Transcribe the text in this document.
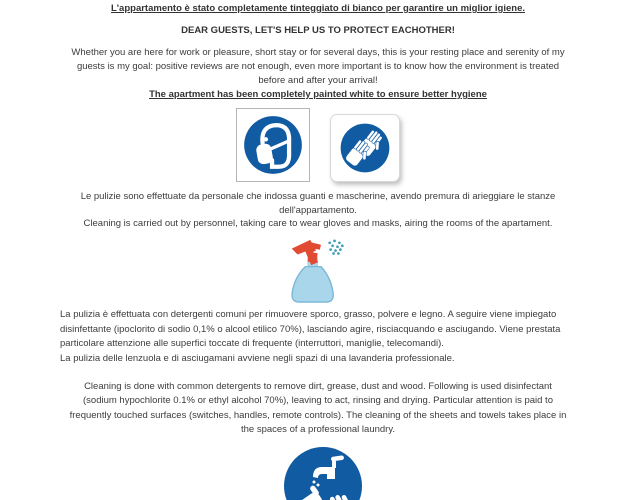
L'appartamento è stato completamente tinteggiato di bianco per garantire un miglior igiene.
DEAR GUESTS, LET'S HELP US TO PROTECT EACHOTHER!
Whether you are here for work or pleasure, short stay or for several days, this is your resting place and serenity of my
guests is my goal: positive reviews are not enough, even more important is to know how the environment is treated
before and after your arrival!
The apartment has been completely painted white to ensure better hygiene
Le pulizie sono effettuate da personale che indossa guanti e mascherine, avendo premura di arieggiare le stanze
dell'appartamento.
Cleaning is carried out by personnel, taking care to wear gloves and masks, airing the rooms of the apartament.
La pulizia è effettuata con detergenti comuni per rimuovere sporco, grasso, polvere e legno. A seguire viene impiegato
disinfettante (ipoclorito di sodio 0,1% o alcool etilico 70%), lasciando agire, risciacquando e asciugando. Viene prestata
particolare attenzione alle superfici toccate di frequente (interruttori, maniglie, telecomandi).
La pulizia delle lenzuola e di asciugamani avviene negli spazi di una lavanderia professionale.
Cleaning is done with common detergents to remove dirt, grease, dust and wood. Following is used disinfectant
(sodium hypochlorite 0.1% or ethyl alcohol 70%), leaving to act, rinsing and drying. Particular attention is paid to
frequently touched surfaces (switches, handles, remote controls). The cleaning of the sheets and towels takes place in
the spaces of a professional laundry.
